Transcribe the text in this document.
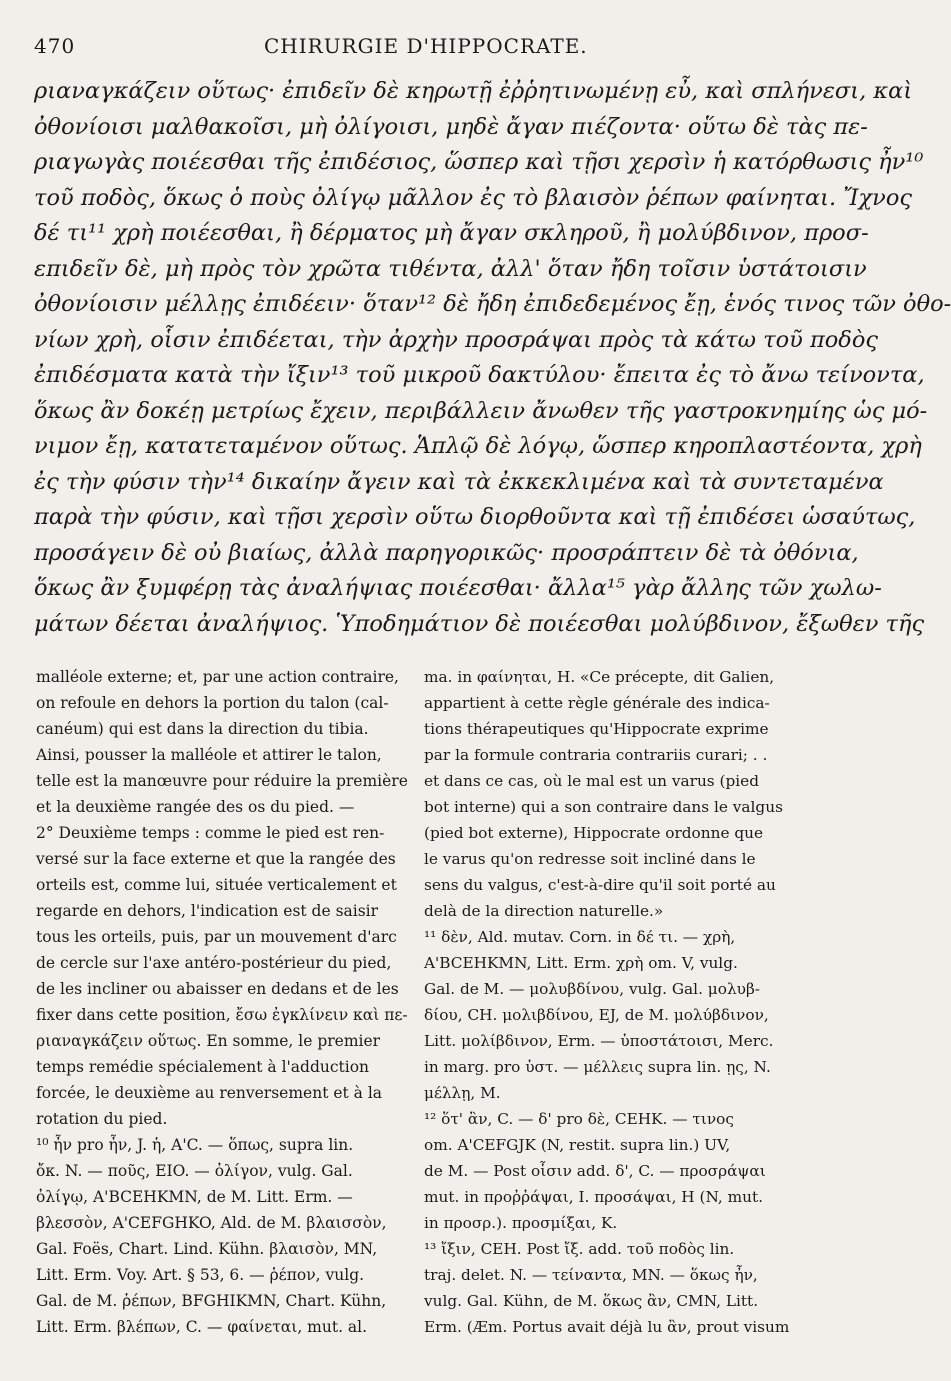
470	CHIRURGIE D'HIPPOCRATE.
ριαναγκάζειν οὕτως· ἐπιδεῖν δὲ κηρωτῇ ἐῤῥητινωμένῃ εὖ, καὶ σπλήνεσι, καὶ
ὀθονίοισι μαλθακοῖσι, μὴ ὀλίγοισι, μηδὲ ἄγαν πιέζοντα· οὕτω δὲ τὰς πε-
ριαγωγὰς ποιέεσθαι τῆς ἐπιδέσιος, ὥσπερ καὶ τῇσι χερσὶν ἡ κατόρθωσις ἦν¹⁰
τοῦ ποδὸς, ὅκως ὁ ποὺς ὀλίγῳ μᾶλλον ἐς τὸ βλαισὸν ῥέπων φαίνηται. Ἴχνος
δέ τι¹¹ χρὴ ποιέεσθαι, ἢ δέρματος μὴ ἄγαν σκληροῦ, ἢ μολύβδινον, προσ-
επιδεῖν δὲ, μὴ πρὸς τὸν χρῶτα τιθέντα, ἀλλ' ὅταν ἤδη τοῖσιν ὑστάτοισιν
ὀθονίοισιν μέλλῃς ἐπιδέειν· ὅταν¹² δὲ ἤδη ἐπιδεδεμένος ἔῃ, ἑνός τινος τῶν ὀθο-
νίων χρὴ, οἷσιν ἐπιδέεται, τὴν ἀρχὴν προσράψαι πρὸς τὰ κάτω τοῦ ποδὸς
ἐπιδέσματα κατὰ τὴν ἴξιν¹³ τοῦ μικροῦ δακτύλου· ἔπειτα ἐς τὸ ἄνω τείνοντα,
ὅκως ἂν δοκέῃ μετρίως ἔχειν, περιβάλλειν ἄνωθεν τῆς γαστροκνημίης ὡς μό-
νιμον ἔῃ, κατατεταμένον οὕτως. Ἁπλῷ δὲ λόγῳ, ὥσπερ κηροπλαστέοντα, χρὴ
ἐς τὴν φύσιν τὴν¹⁴ δικαίην ἄγειν καὶ τὰ ἐκκεκλιμένα καὶ τὰ συντεταμένα
παρὰ τὴν φύσιν, καὶ τῇσι χερσὶν οὕτω διορθοῦντα καὶ τῇ ἐπιδέσει ὡσαύτως,
προσάγειν δὲ οὐ βιαίως, ἀλλὰ παρηγορικῶς· προσράπτειν δὲ τὰ ὀθόνια,
ὅκως ἂν ξυμφέρῃ τὰς ἀναλήψιας ποιέεσθαι· ἄλλα¹⁵ γὰρ ἄλλης τῶν χωλω-
μάτων δέεται ἀναλήψιος. Ὑποδημάτιον δὲ ποιέεσθαι μολύβδινον, ἔξωθεν τῆς
malléole externe; et, par une action contraire,
on refoule en dehors la portion du talon (cal-
canéum) qui est dans la direction du tibia.
Ainsi, pousser la malléole et attirer le talon,
telle est la manœuvre pour réduire la première
et la deuxième rangée des os du pied. —
2° Deuxième temps : comme le pied est ren-
versé sur la face externe et que la rangée des
orteils est, comme lui, située verticalement et
regarde en dehors, l'indication est de saisir
tous les orteils, puis, par un mouvement d'arc
de cercle sur l'axe antéro-postérieur du pied,
de les incliner ou abaisser en dedans et de les
fixer dans cette position, ἔσω ἐγκλίνειν καὶ πε-
ριαναγκάζειν οὕτως. En somme, le premier
temps remédie spécialement à l'adduction
forcée, le deuxième au renversement et à la
rotation du pied.
¹⁰ ἦν pro ἦν, J. ἡ, A'C. — ὅπως, supra lin.
ὄκ. N. — ποῦς, EIO. — ὀλίγον, vulg. Gal.
ὀλίγῳ, A'BCEHKMN, de M. Litt. Erm. —
βλεσσὸν, A'CEFGHKO, Ald. de M. βλαισσὸν,
Gal. Foës, Chart. Lind. Kühn. βλαισὸν, MN,
Litt. Erm. Voy. Art. § 53, 6. — ῥέπον, vulg.
Gal. de M. ῥέπων, BFGHIKMN, Chart. Kühn,
Litt. Erm. βλέπων, C. — φαίνεται, mut. al.
ma. in φαίνηται, H. «Ce précepte, dit Galien,
appartient à cette règle générale des indica-
tions thérapeutiques qu'Hippocrate exprime
par la formule contraria contrariis curari; . .
et dans ce cas, où le mal est un varus (pied
bot interne) qui a son contraire dans le valgus
(pied bot externe), Hippocrate ordonne que
le varus qu'on redresse soit incliné dans le
sens du valgus, c'est-à-dire qu'il soit porté au
delà de la direction naturelle.»
¹¹ δὲν, Ald. mutav. Corn. in δέ τι. — χρὴ,
A'BCEHKMN, Litt. Erm. χρὴ om. V, vulg.
Gal. de M. — μολυβδίνου, vulg. Gal. μολυβ-
δίου, CH. μολιβδίνου, EJ, de M. μολύβδινον,
Litt. μολίβδινον, Erm. — ὑποστάτοισι, Merc.
in marg. pro ὑστ. — μέλλεις supra lin. ῃς, N.
μέλλῃ, M.
¹² ὅτ' ἂν, C. — δ' pro δὲ, CEHK. — τινος
om. A'CEFGJK (N, restit. supra lin.) UV,
de M. — Post οἷσιν add. δ', C. — προσράψαι
mut. in προῤῥάψαι, I. προσάψαι, H (N, mut.
in προσρ.). προσμίξαι, K.
¹³ ἴξιν, CEH. Post ἴξ. add. τοῦ ποδὸς lin.
traj. delet. N. — τείναντα, MN. — ὅκως ἦν,
vulg. Gal. Kühn, de M. ὅκως ἂν, CMN, Litt.
Erm. (Æm. Portus avait déjà lu ἂν, prout visum
